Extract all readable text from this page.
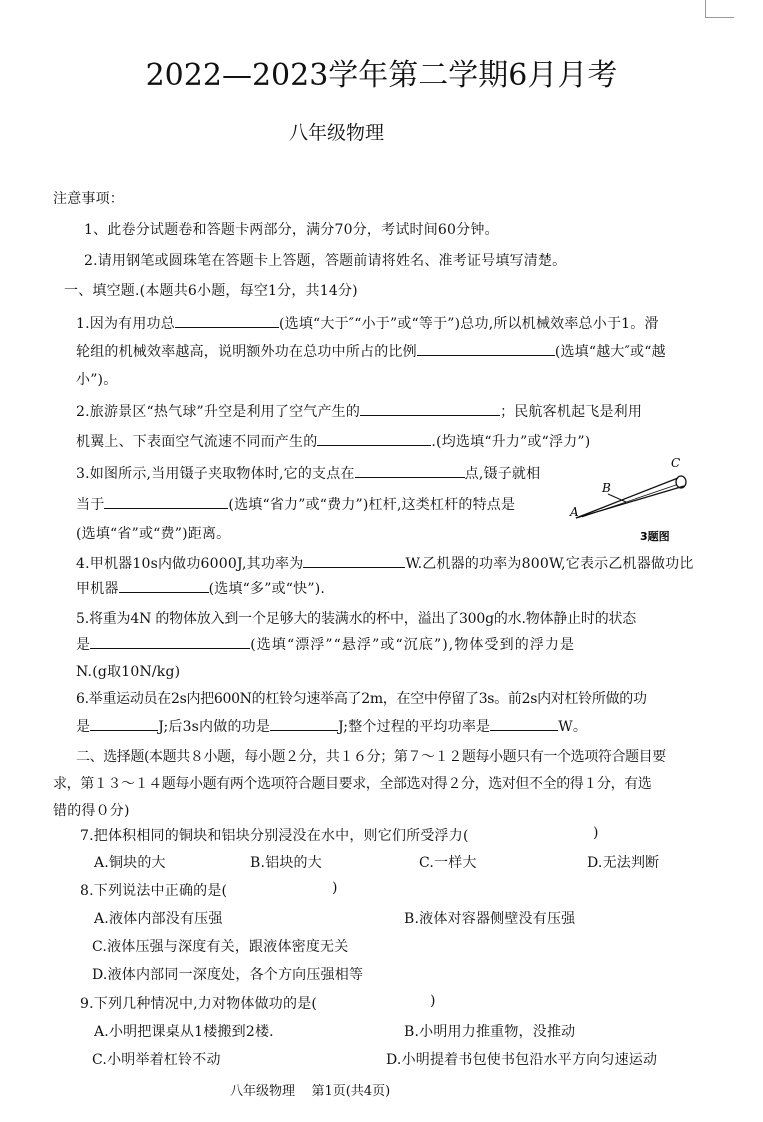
2022—2023学年第二学期6月月考
八年级物理
注意事项：
1、此卷分试题卷和答题卡两部分，满分70分，考试时间60分钟。
2.请用钢笔或圆珠笔在答题卡上答题，答题前请将姓名、准考证号填写清楚。
一、填空题.(本题共6小题，每空1分，共14分)
1.因为有用功总	(选填“大于″“小于”或“等于”)总功,所以机械效率总小于1。滑
轮组的机械效率越高，说明额外功在总功中所占的比例	(选填“越大″或“越
小”)。
2.旅游景区“热气球”升空是利用了空气产生的	；民航客机起飞是利用
机翼上、下表面空气流速不同而产生的	.(均选填“升力”或“浮力”)
3.如图所示,当用镊子夹取物体时,它的支点在	点,镊子就相
当于	(选填“省力”或“费力”)杠杆,这类杠杆的特点是
(选填“省”或“费”)距离。
A
B
C
3题图
4.甲机器10s内做功6000J,其功率为	W.乙机器的功率为800W,它表示乙机器做功比
甲机器	(选填“多”或“快”).
5.将重为4N 的物体放入到一个足够大的装满水的杯中，溢出了300g的水.物体静止时的状态
是	(选填“漂浮”“悬浮”或“沉底”),物体受到的浮力是
N.(g取10N/kg)
6.举重运动员在2s内把600N的杠铃匀速举高了2m，在空中停留了3s。前2s内对杠铃所做的功
是	J;后3s内做的功是	J;整个过程的平均功率是	W。
二、选择题(本题共８小题，每小题２分，共１６分；第７～１２题每小题只有一个选项符合题目要
求，第１３～１４题每小题有两个选项符合题目要求，全部选对得２分，选对但不全的得１分，有选
错的得０分)
7.把体积相同的铜块和铝块分别浸没在水中，则它们所受浮力(	)
A.铜块的大	B.铝块的大	C.一样大	D.无法判断
8.下列说法中正确的是(	)
A.液体内部没有压强	B.液体对容器侧壁没有压强
C.液体压强与深度有关，跟液体密度无关
D.液体内部同一深度处，各个方向压强相等
9.下列几种情况中,力对物体做功的是(	)
A.小明把课桌从1楼搬到2楼.	B.小明用力推重物，没推动
C.小明举着杠铃不动	D.小明提着书包使书包沿水平方向匀速运动
八年级物理    第1页(共4页)
